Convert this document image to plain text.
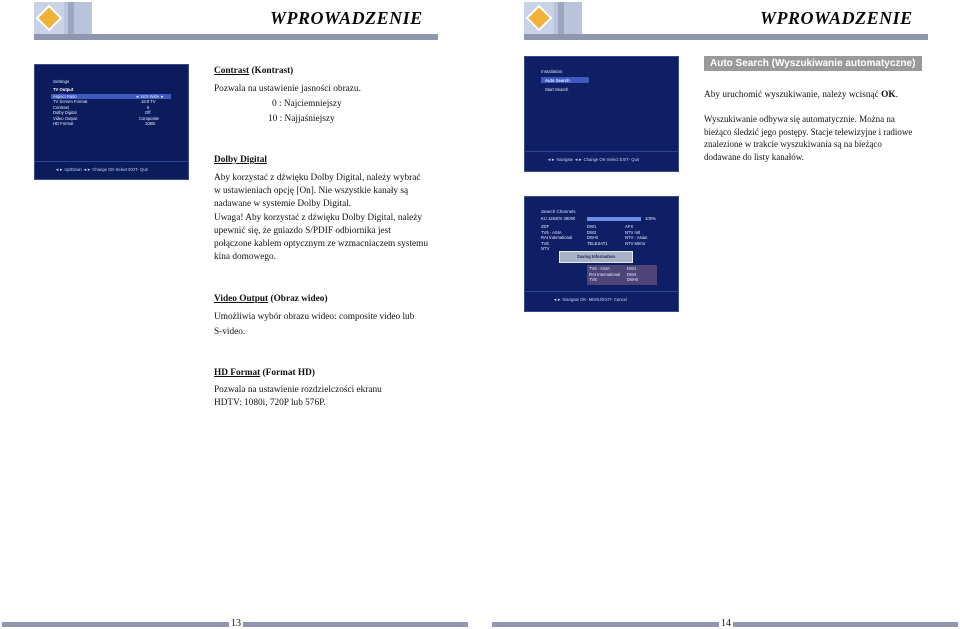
WPROWADZENIE	WPROWADZENIE
Settings
TV Output
Aspect Ratio	◄ 16:9 Wide ►
TV Screen Format	16:9 TV
Contrast	5
Dolby Digital	Off
Video Output	Composite
HD Format	1080i
◄► Up/Down ◄► Change OK-Select EXIT- Quit
Contrast (Kontrast)
Pozwala na ustawienie jasności obrazu.
0 : Najciemniejszy
10 : Najjaśniejszy
Dolby Digital
Aby korzystać z dźwięku Dolby Digital, należy wybrać
w ustawieniach opcję [On]. Nie wszystkie kanały są
nadawane w systemie Dolby Digital.
Uwaga! Aby korzystać z dźwięku Dolby Digital, należy
upewnić się, że gniazdo S/PDIF odbiornika jest
połączone kablem optycznym ze wzmacniaczem systemu
kina domowego.
Video Output (Obraz wideo)
Umożliwia wybór obrazu wideo: composite video lub
S-video.
HD Format (Format HD)
Pozwala na ustawienie rozdzielczości ekranu
HDTV: 1080i, 720P lub 576P.
Installation
Auto Search
Start Search
◄► Navigate ◄► Change OK-Select EXIT- Quit
Search Channels
KU 12640V 28000	100%
ZDF	DW1	AFX
TV5 - ASIA	DW2	NTV Intl
RAI International	DW-B	NTV - Asian
TVE	TELESAT1	NTV Mirror
NTV
Saving Information
TV5 - ASIA	DW1
RAI International DW2
TVE	DW-B
◄► Navigate OK- MENU/EXIT- Cancel
Auto Search (Wyszukiwanie automatyczne)
Aby uruchomić wyszukiwanie, należy wcisnąć OK.
Wyszukiwanie odbywa się automatycznie. Można na
bieżąco śledzić jego postępy. Stacje telewizyjne i radiowe
znalezione w trakcie wyszukiwania są na bieżąco
dodawane do listy kanałów.
13	14
